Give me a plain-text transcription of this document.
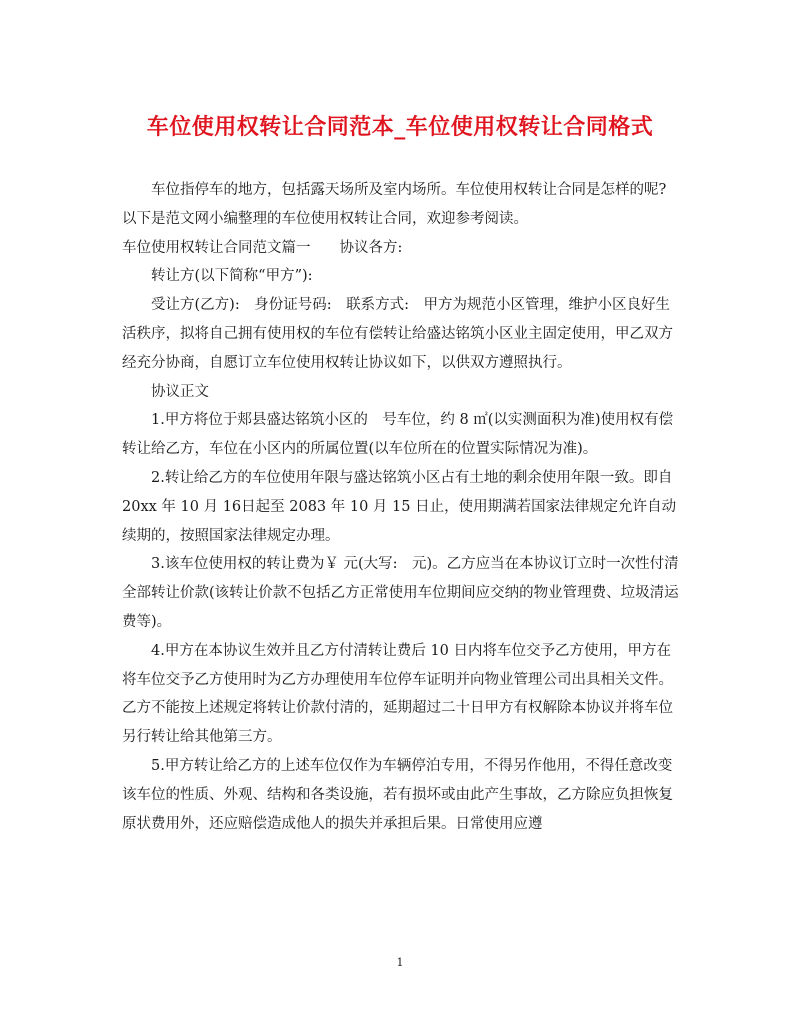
车位使用权转让合同范本_车位使用权转让合同格式

车位指停车的地方，包括露天场所及室内场所。车位使用权转让合同是怎样的呢?以下是范文网小编整理的车位使用权转让合同，欢迎参考阅读。

车位使用权转让合同范文篇一　　协议各方:

转让方(以下简称“甲方”):

受让方(乙方):　身份证号码:　联系方式:　甲方为规范小区管理，维护小区良好生活秩序，拟将自己拥有使用权的车位有偿转让给盛达铭筑小区业主固定使用，甲乙双方经充分协商，自愿订立车位使用权转让协议如下，以供双方遵照执行。

协议正文

1.甲方将位于郏县盛达铭筑小区的　号车位，约 8 ㎡(以实测面积为准)使用权有偿转让给乙方，车位在小区内的所属位置(以车位所在的位置实际情况为准)。

2.转让给乙方的车位使用年限与盛达铭筑小区占有土地的剩余使用年限一致。即自 20xx 年 10 月 16日起至 2083 年 10 月 15 日止，使用期满若国家法律规定允许自动续期的，按照国家法律规定办理。

3.该车位使用权的转让费为￥ 元(大写:　元)。乙方应当在本协议订立时一次性付清全部转让价款(该转让价款不包括乙方正常使用车位期间应交纳的物业管理费、垃圾清运费等)。

4.甲方在本协议生效并且乙方付清转让费后 10 日内将车位交予乙方使用，甲方在将车位交予乙方使用时为乙方办理使用车位停车证明并向物业管理公司出具相关文件。乙方不能按上述规定将转让价款付清的，延期超过二十日甲方有权解除本协议并将车位另行转让给其他第三方。

5.甲方转让给乙方的上述车位仅作为车辆停泊专用，不得另作他用，不得任意改变该车位的性质、外观、结构和各类设施，若有损坏或由此产生事故，乙方除应负担恢复原状费用外，还应赔偿造成他人的损失并承担后果。日常使用应遵

1
